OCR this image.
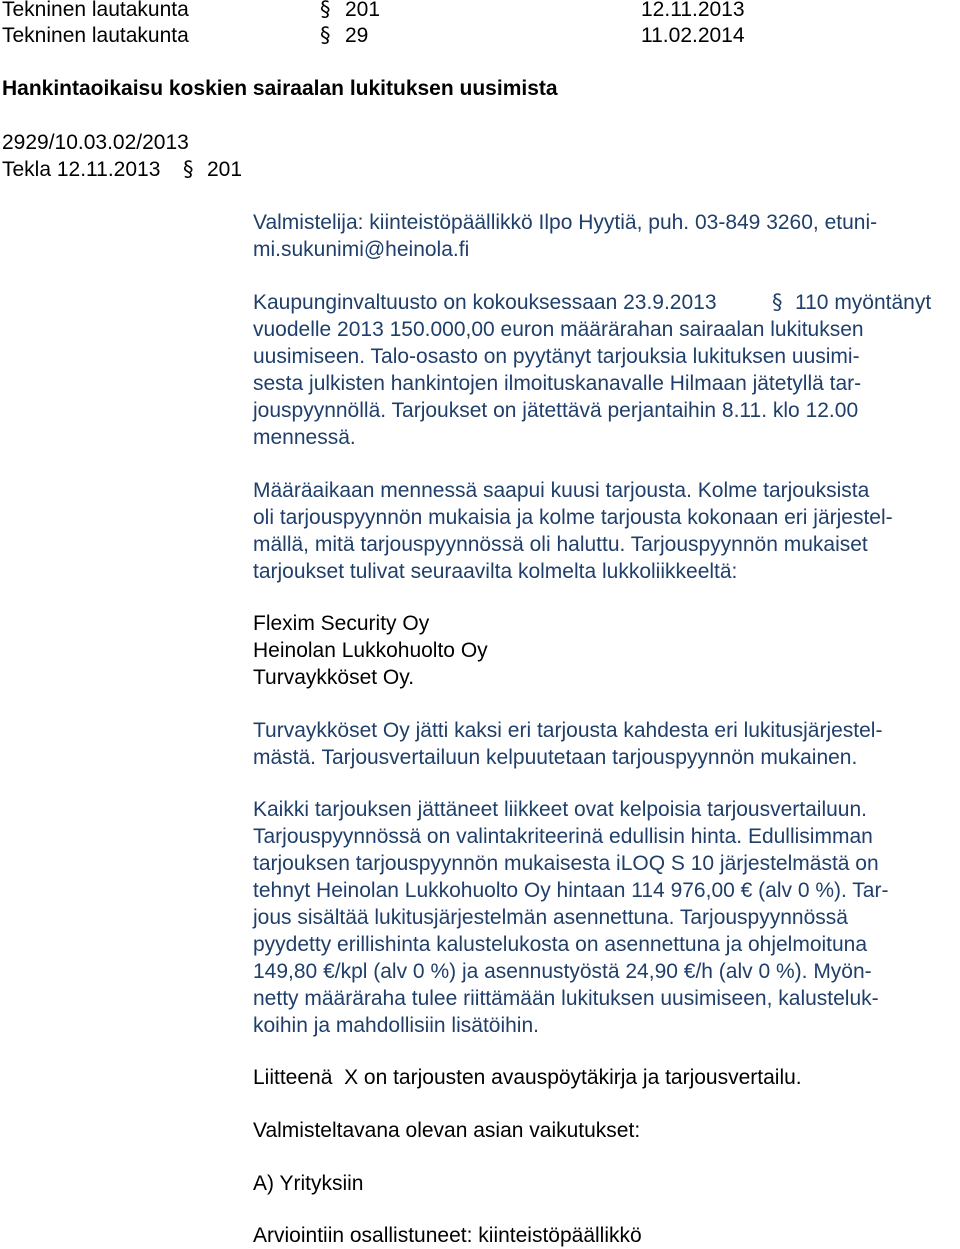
Tekninen lautakunta	§ 201	12.11.2013
Tekninen lautakunta	§ 29	11.02.2014
Hankintaoikaisu koskien sairaalan lukituksen uusimista
2929/10.03.02/2013
Tekla 12.11.2013 § 201
Valmistelija: kiinteistöpäällikkö Ilpo Hyytiä, puh. 03-849 3260, etuni-
mi.sukunimi@heinola.fi
Kaupunginvaltuusto on kokouksessaan 23.9.2013	§ 110 myöntänyt
vuodelle 2013 150.000,00 euron määrärahan sairaalan lukituksen
uusimiseen. Talo-osasto on pyytänyt tarjouksia lukituksen uusimi-
sesta julkisten hankintojen ilmoituskanavalle Hilmaan jätetyllä tar-
jouspyynnöllä. Tarjoukset on jätettävä perjantaihin 8.11. klo 12.00
mennessä.
Määräaikaan mennessä saapui kuusi tarjousta. Kolme tarjouksista
oli tarjouspyynnön mukaisia ja kolme tarjousta kokonaan eri järjestel-
mällä, mitä tarjouspyynnössä oli haluttu. Tarjouspyynnön mukaiset
tarjoukset tulivat seuraavilta kolmelta lukkoliikkeeltä:
Flexim Security Oy
Heinolan Lukkohuolto Oy
Turvaykköset Oy.
Turvaykköset Oy jätti kaksi eri tarjousta kahdesta eri lukitusjärjestel-
mästä. Tarjousvertailuun kelpuutetaan tarjouspyynnön mukainen.
Kaikki tarjouksen jättäneet liikkeet ovat kelpoisia tarjousvertailuun.
Tarjouspyynnössä on valintakriteerinä edullisin hinta. Edullisimman
tarjouksen tarjouspyynnön mukaisesta iLOQ S 10 järjestelmästä on
tehnyt Heinolan Lukkohuolto Oy hintaan 114 976,00 € (alv 0 %). Tar-
jous sisältää lukitusjärjestelmän asennettuna. Tarjouspyynnössä
pyydetty erillishinta kalustelukosta on asennettuna ja ohjelmoituna
149,80 €/kpl (alv 0 %) ja asennustyöstä 24,90 €/h (alv 0 %). Myön-
netty määräraha tulee riittämään lukituksen uusimiseen, kalusteluk-
koihin ja mahdollisiin lisätöihin.
Liitteenä  X on tarjousten avauspöytäkirja ja tarjousvertailu.
Valmisteltavana olevan asian vaikutukset:
A) Yrityksiin
Arviointiin osallistuneet: kiinteistöpäällikkö
